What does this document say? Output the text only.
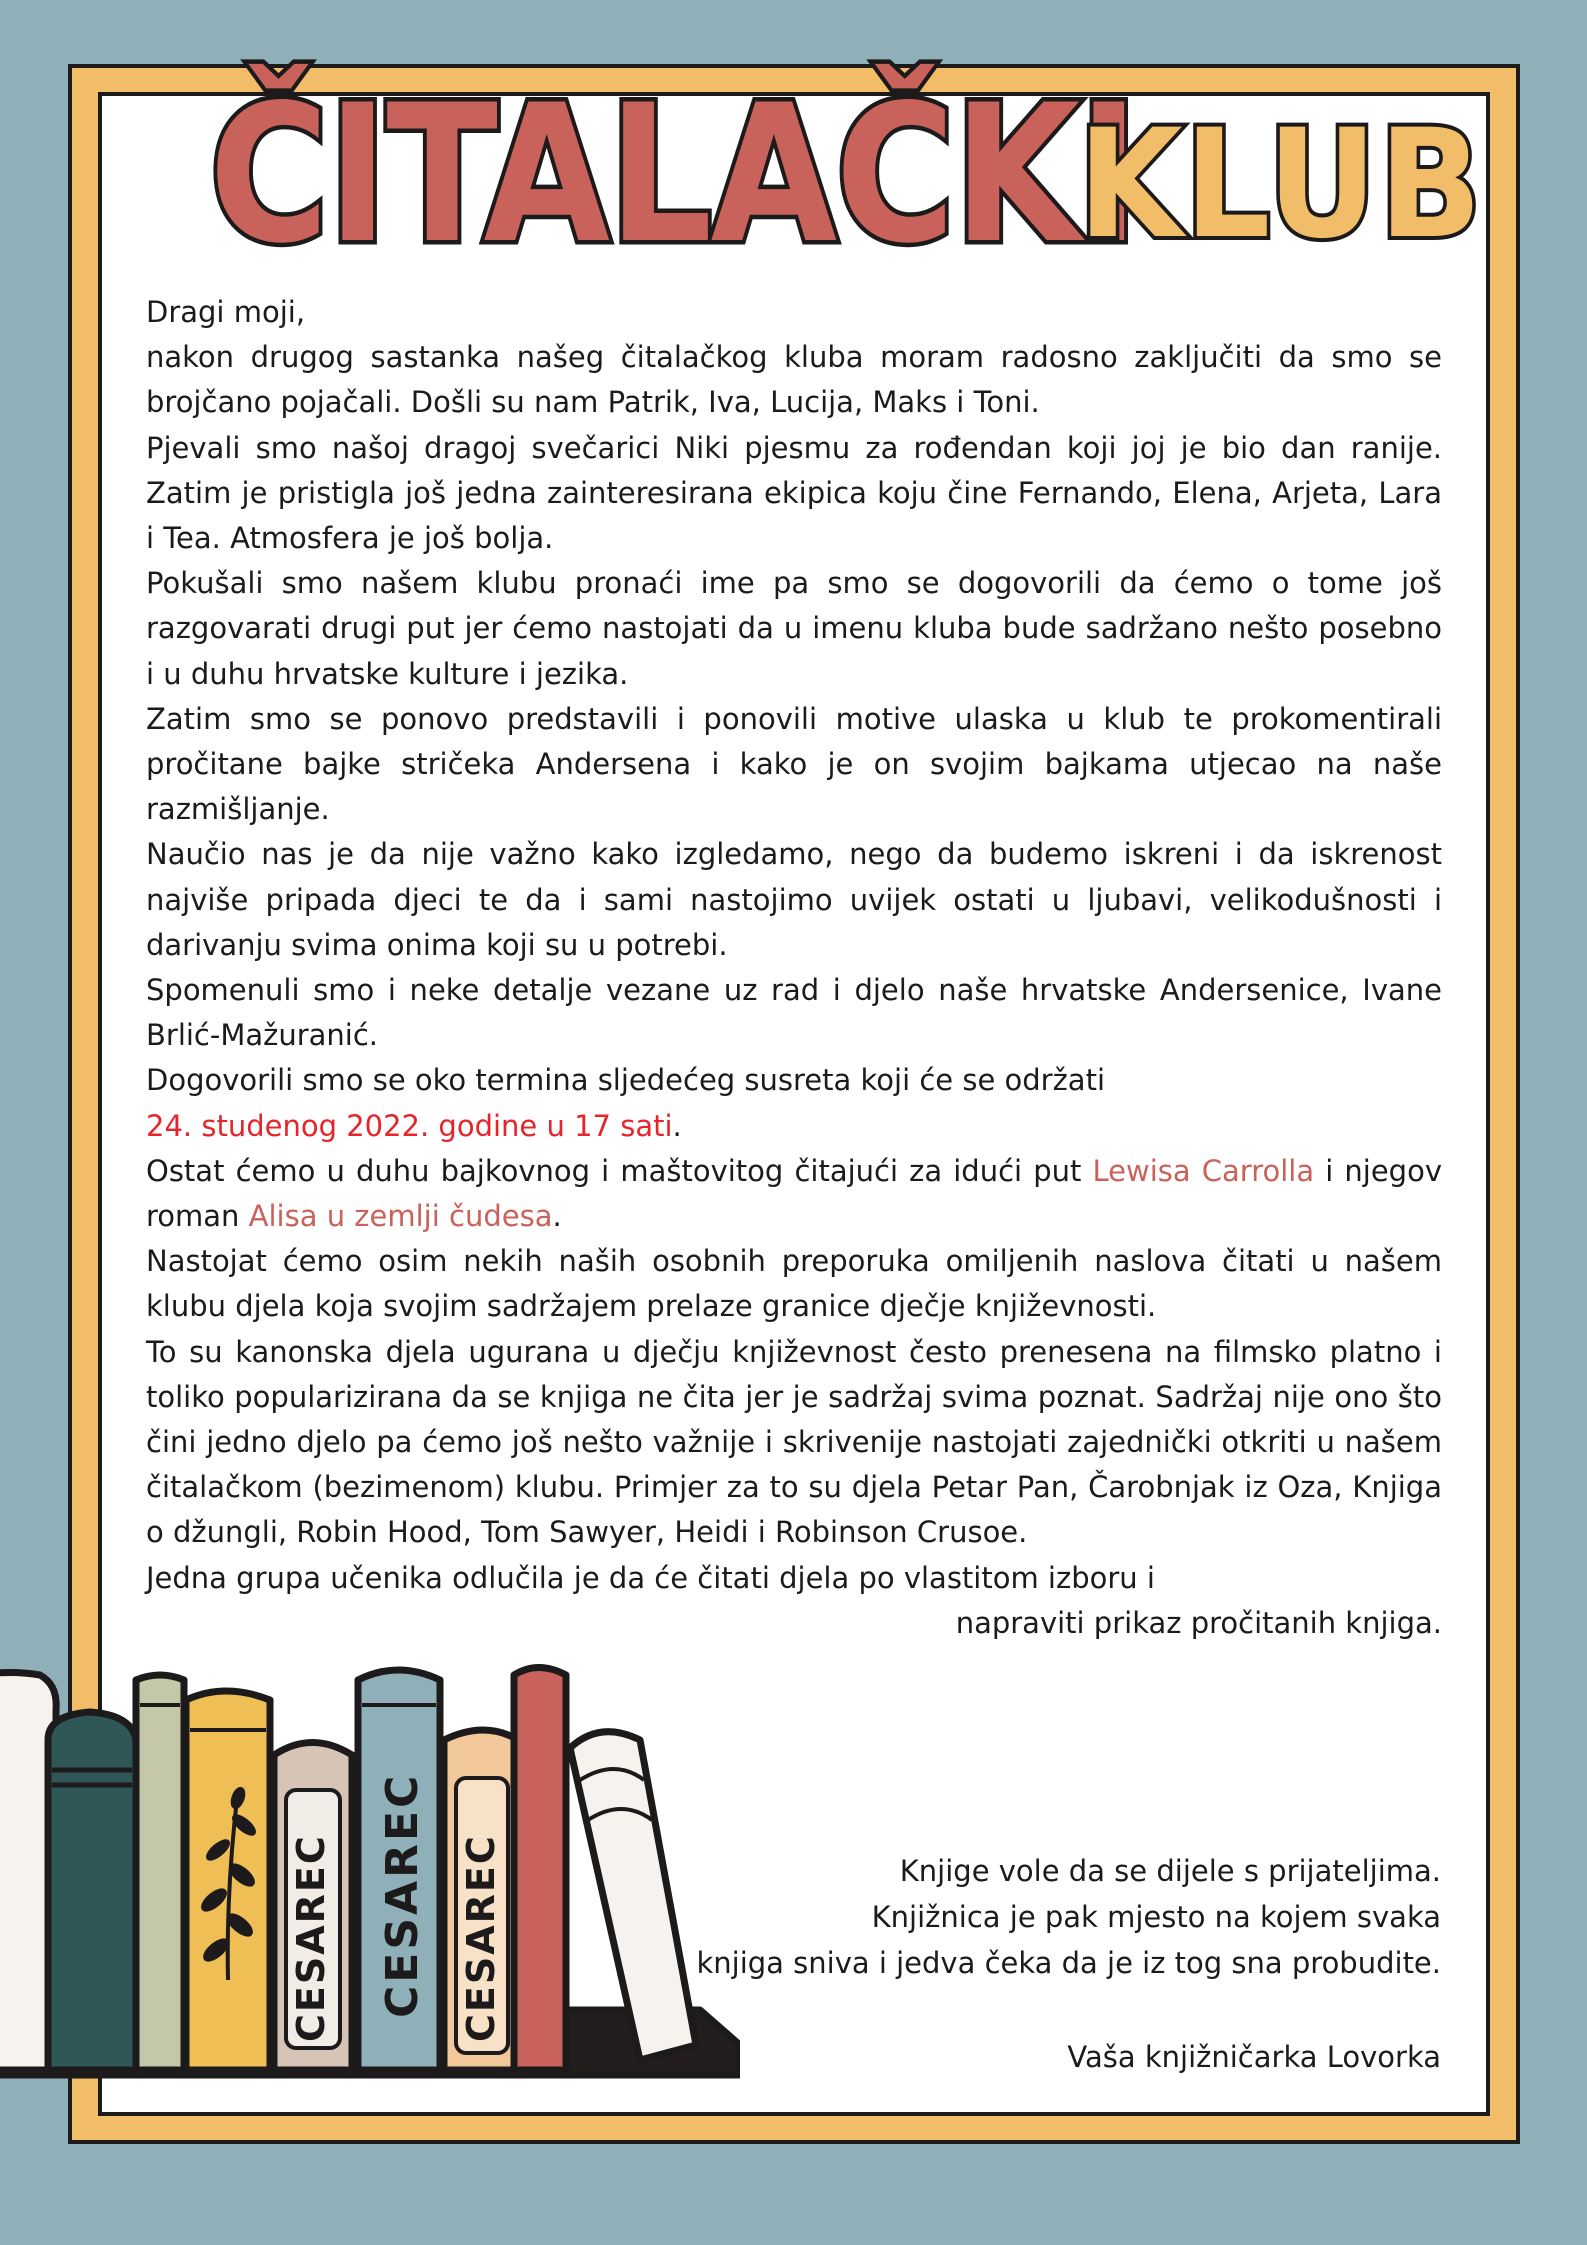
ČITALAČKIKLUB

Dragi moji,

nakon drugog sastanka našeg čitalačkog kluba moram radosno zaključiti da smo se brojčano pojačali. Došli su nam Patrik, Iva, Lucija, Maks i Toni.

Pjevali smo našoj dragoj svečarici Niki pjesmu za rođendan koji joj je bio dan ranije. Zatim je pristigla još jedna zainteresirana ekipica koju čine Fernando, Elena, Arjeta, Lara i Tea. Atmosfera je još bolja.

Pokušali smo našem klubu pronaći ime pa smo se dogovorili da ćemo o tome još razgovarati drugi put jer ćemo nastojati da u imenu kluba bude sadržano nešto posebno i u duhu hrvatske kulture i jezika.

Zatim smo se ponovo predstavili i ponovili motive ulaska u klub te prokomentirali pročitane bajke stričeka Andersena i kako je on svojim bajkama utjecao na naše razmišljanje.

Naučio nas je da nije važno kako izgledamo, nego da budemo iskreni i da iskrenost najviše pripada djeci te da i sami nastojimo uvijek ostati u ljubavi, velikodušnosti i darivanju svima onima koji su u potrebi.

Spomenuli smo i neke detalje vezane uz rad i djelo naše hrvatske Andersenice, Ivane Brlić-Mažuranić.

Dogovorili smo se oko termina sljedećeg susreta koji će se održati

24. studenog 2022. godine u 17 sati.

Ostat ćemo u duhu bajkovnog i maštovitog čitajući za idući put Lewisa Carrolla i njegov roman Alisa u zemlji čudesa.

Nastojat ćemo osim nekih naših osobnih preporuka omiljenih naslova čitati u našem klubu djela koja svojim sadržajem prelaze granice dječje književnosti.

To su kanonska djela ugurana u dječju književnost često prenesena na filmsko platno i toliko popularizirana da se knjiga ne čita jer je sadržaj svima poznat. Sadržaj nije ono što čini jedno djelo pa ćemo još nešto važnije i skrivenije nastojati zajednički otkriti u našem čitalačkom (bezimenom) klubu. Primjer za to su djela Petar Pan, Čarobnjak iz Oza, Knjiga o džungli, Robin Hood, Tom Sawyer, Heidi i Robinson Crusoe.

Jedna grupa učenika odlučila je da će čitati djela po vlastitom izboru i

napraviti prikaz pročitanih knjiga.

Knjige vole da se dijele s prijateljima.
Knjižnica je pak mjesto na kojem svaka
knjiga sniva i jedva čeka da je iz tog sna probudite.
Vaša knjižničarka Lovorka
CESAREC CESAREC CESAREC
